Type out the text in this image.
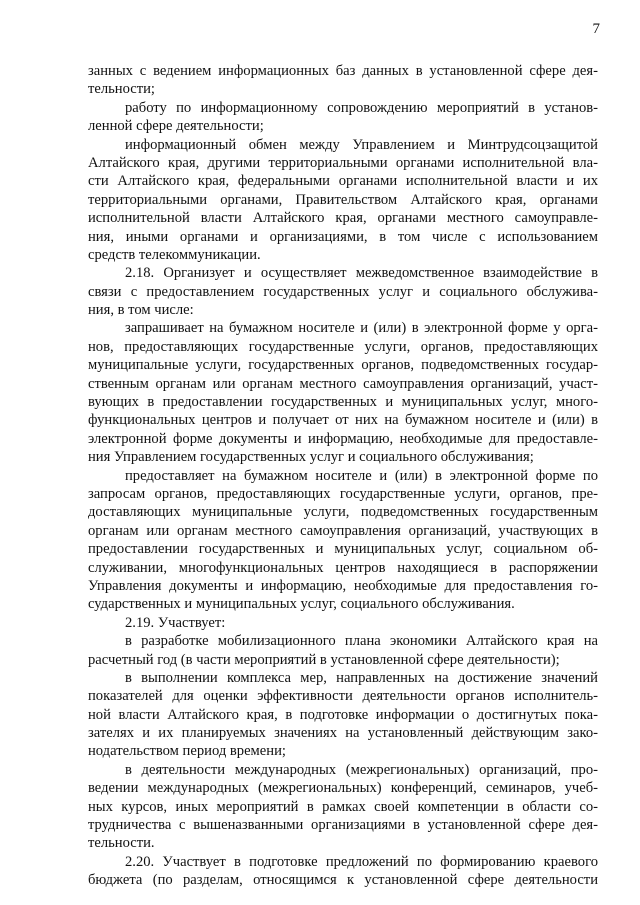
7
занных с ведением информационных баз данных в установленной сфере дея-
тельности;
работу по информационному сопровождению мероприятий в установ-
ленной сфере деятельности;
информационный обмен между Управлением и Минтрудсоцзащитой
Алтайского края, другими территориальными органами исполнительной вла-
сти Алтайского края, федеральными органами исполнительной власти и их
территориальными органами, Правительством Алтайского края, органами
исполнительной власти Алтайского края, органами местного самоуправле-
ния, иными органами и организациями, в том числе с использованием
средств телекоммуникации.
2.18. Организует и осуществляет межведомственное взаимодействие в
связи с предоставлением государственных услуг и социального обслужива-
ния, в том числе:
запрашивает на бумажном носителе и (или) в электронной форме у орга-
нов, предоставляющих государственные услуги, органов, предоставляющих
муниципальные услуги, государственных органов, подведомственных государ-
ственным органам или органам местного самоуправления организаций, участ-
вующих в предоставлении государственных и муниципальных услуг, много-
функциональных центров и получает от них на бумажном носителе и (или) в
электронной форме документы и информацию, необходимые для предоставле-
ния Управлением государственных услуг и социального обслуживания;
предоставляет на бумажном носителе и (или) в электронной форме по
запросам органов, предоставляющих государственные услуги, органов, пре-
доставляющих муниципальные услуги, подведомственных государственным
органам или органам местного самоуправления организаций, участвующих в
предоставлении государственных и муниципальных услуг, социальном об-
служивании, многофункциональных центров находящиеся в распоряжении
Управления документы и информацию, необходимые для предоставления го-
сударственных и муниципальных услуг, социального обслуживания.
2.19. Участвует:
в разработке мобилизационного плана экономики Алтайского края на
расчетный год (в части мероприятий в установленной сфере деятельности);
в выполнении комплекса мер, направленных на достижение значений
показателей для оценки эффективности деятельности органов исполнитель-
ной власти Алтайского края, в подготовке информации о достигнутых пока-
зателях и их планируемых значениях на установленный действующим зако-
нодательством период времени;
в деятельности международных (межрегиональных) организаций, про-
ведении международных (межрегиональных) конференций, семинаров, учеб-
ных курсов, иных мероприятий в рамках своей компетенции в области со-
трудничества с вышеназванными организациями в установленной сфере дея-
тельности.
2.20. Участвует в подготовке предложений по формированию краевого
бюджета (по разделам, относящимся к установленной сфере деятельности
